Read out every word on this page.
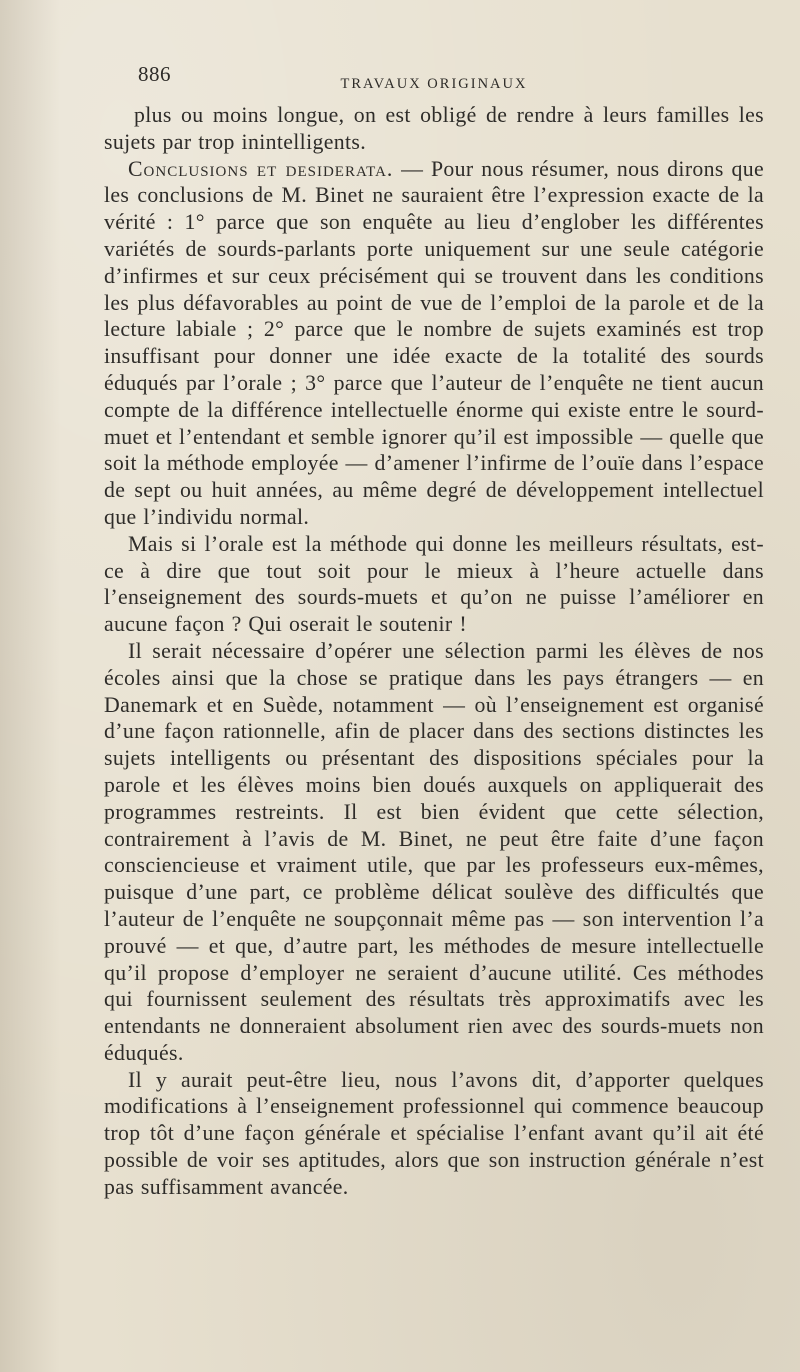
886	TRAVAUX ORIGINAUX

plus ou moins longue, on est obligé de rendre à leurs familles les sujets par trop inintelligents.

Conclusions et desiderata. — Pour nous résumer, nous dirons que les conclusions de M. Binet ne sauraient être l’expression exacte de la vérité : 1° parce que son enquête au lieu d’englober les différentes variétés de sourds-parlants porte uniquement sur une seule catégorie d’infirmes et sur ceux précisément qui se trouvent dans les conditions les plus défavorables au point de vue de l’emploi de la parole et de la lecture labiale ; 2° parce que le nombre de sujets examinés est trop insuffisant pour donner une idée exacte de la totalité des sourds éduqués par l’orale ; 3° parce que l’auteur de l’enquête ne tient aucun compte de la différence intellectuelle énorme qui existe entre le sourd-muet et l’entendant et semble ignorer qu’il est impossible — quelle que soit la méthode employée — d’amener l’infirme de l’ouïe dans l’espace de sept ou huit années, au même degré de développement intellectuel que l’individu normal.

Mais si l’orale est la méthode qui donne les meilleurs résultats, est-ce à dire que tout soit pour le mieux à l’heure actuelle dans l’enseignement des sourds-muets et qu’on ne puisse l’améliorer en aucune façon ? Qui oserait le soutenir !

Il serait nécessaire d’opérer une sélection parmi les élèves de nos écoles ainsi que la chose se pratique dans les pays étrangers — en Danemark et en Suède, notamment — où l’enseignement est organisé d’une façon rationnelle, afin de placer dans des sections distinctes les sujets intelligents ou présentant des dispositions spéciales pour la parole et les élèves moins bien doués auxquels on appliquerait des programmes restreints. Il est bien évident que cette sélection, contrairement à l’avis de M. Binet, ne peut être faite d’une façon consciencieuse et vraiment utile, que par les professeurs eux-mêmes, puisque d’une part, ce problème délicat soulève des difficultés que l’auteur de l’enquête ne soupçonnait même pas — son intervention l’a prouvé — et que, d’autre part, les méthodes de mesure intellectuelle qu’il propose d’employer ne seraient d’aucune utilité. Ces méthodes qui fournissent seulement des résultats très approximatifs avec les entendants ne donneraient absolument rien avec des sourds-muets non éduqués.

Il y aurait peut-être lieu, nous l’avons dit, d’apporter quelques modifications à l’enseignement professionnel qui commence beaucoup trop tôt d’une façon générale et spécialise l’enfant avant qu’il ait été possible de voir ses aptitudes, alors que son instruction générale n’est pas suffisamment avancée.
